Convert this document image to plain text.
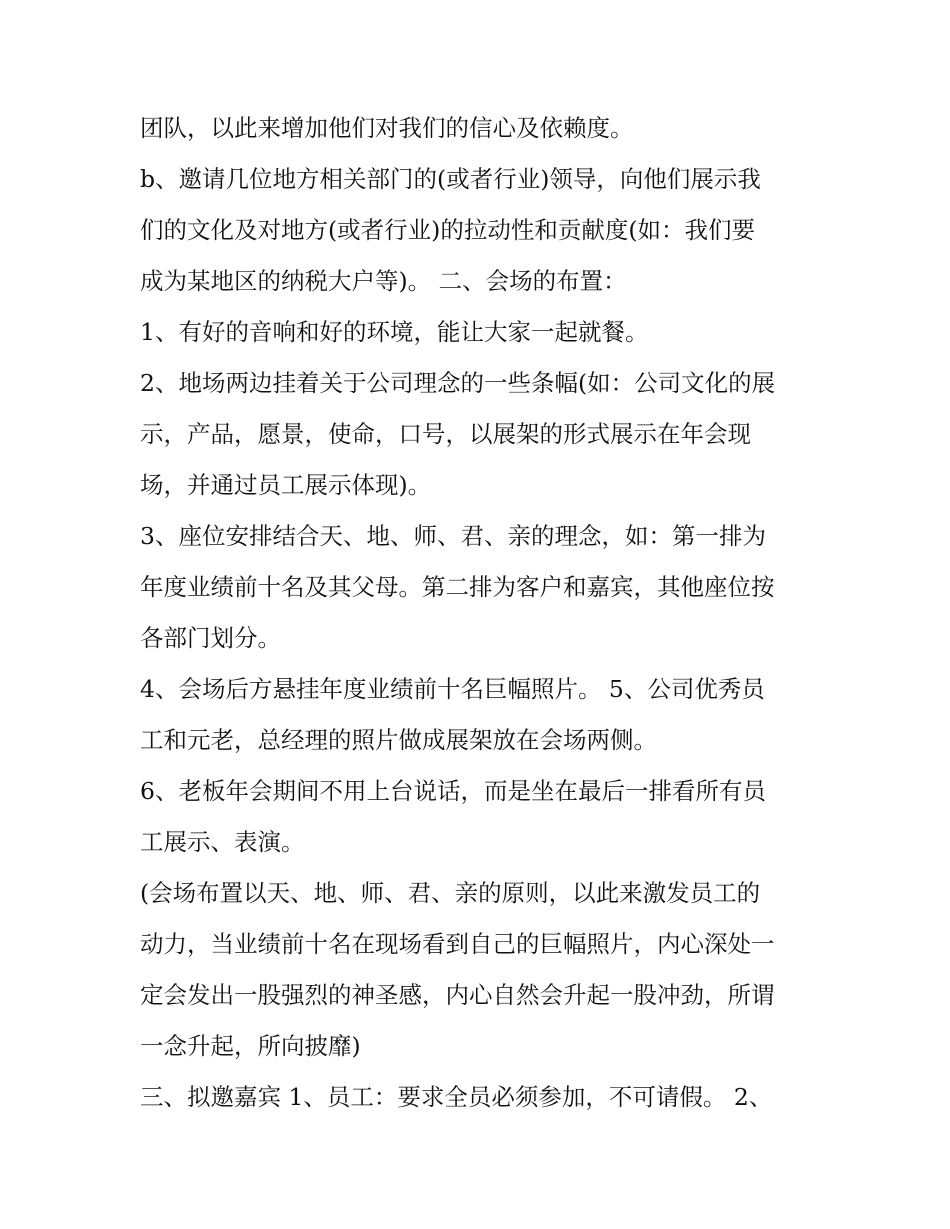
团队，以此来增加他们对我们的信心及依赖度。
b、邀请几位地方相关部门的(或者行业)领导，向他们展示我
们的文化及对地方(或者行业)的拉动性和贡献度(如：我们要
成为某地区的纳税大户等)。 二、会场的布置：
1、有好的音响和好的环境，能让大家一起就餐。
2、地场两边挂着关于公司理念的一些条幅(如：公司文化的展
示，产品，愿景，使命，口号，以展架的形式展示在年会现
场，并通过员工展示体现)。
3、座位安排结合天、地、师、君、亲的理念，如：第一排为
年度业绩前十名及其父母。第二排为客户和嘉宾，其他座位按
各部门划分。
4、会场后方悬挂年度业绩前十名巨幅照片。 5、公司优秀员
工和元老，总经理的照片做成展架放在会场两侧。
6、老板年会期间不用上台说话，而是坐在最后一排看所有员
工展示、表演。
(会场布置以天、地、师、君、亲的原则，以此来激发员工的
动力，当业绩前十名在现场看到自己的巨幅照片，内心深处一
定会发出一股强烈的神圣感，内心自然会升起一股冲劲，所谓
一念升起，所向披靡)
三、拟邀嘉宾 1、员工：要求全员必须参加，不可请假。 2、
